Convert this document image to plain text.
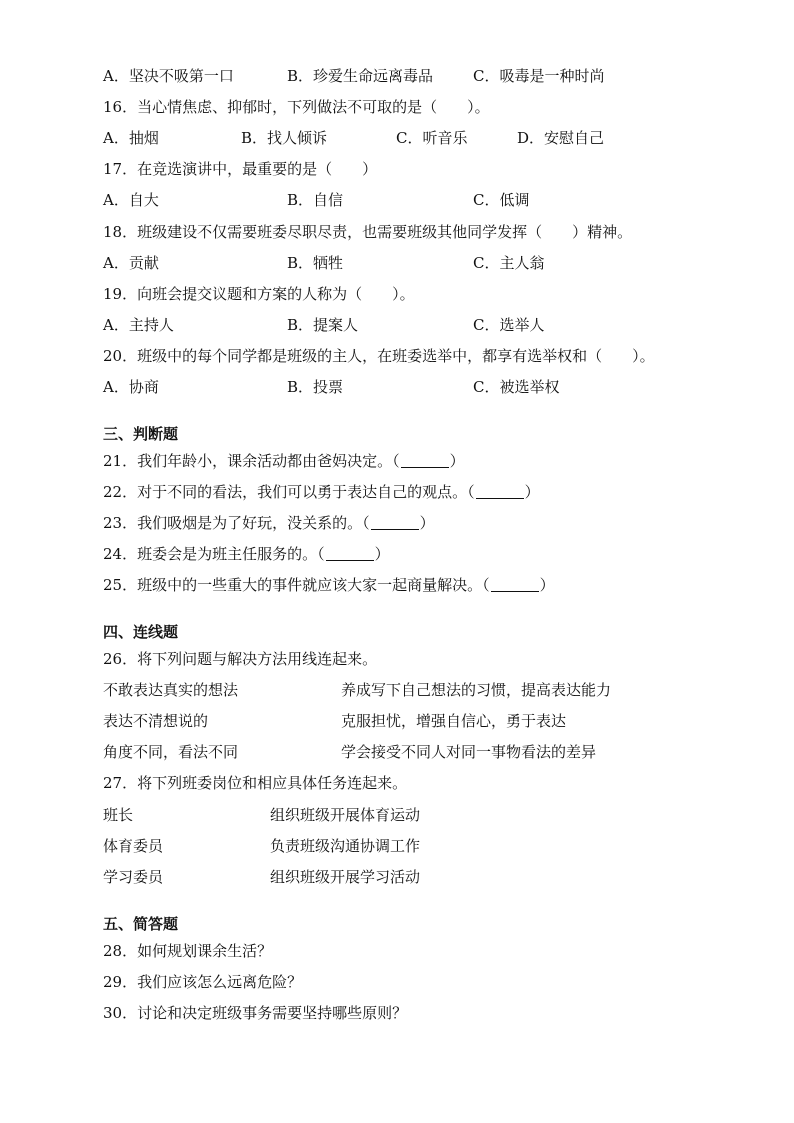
A．坚决不吸第一口	B．珍爱生命远离毒品	C．吸毒是一种时尚
16．当心情焦虑、抑郁时，下列做法不可取的是（　　）。
A．抽烟	B．找人倾诉	C．听音乐	D．安慰自己
17．在竞选演讲中，最重要的是（　　）
A．自大	B．自信	C．低调
18．班级建设不仅需要班委尽职尽责，也需要班级其他同学发挥（　　）精神。
A．贡献	B．牺牲	C．主人翁
19．向班会提交议题和方案的人称为（　　）。
A．主持人	B．提案人	C．选举人
20．班级中的每个同学都是班级的主人，在班委选举中，都享有选举权和（　　）。
A．协商	B．投票	C．被选举权
三、判断题
21．我们年龄小，课余活动都由爸妈决定。（	）
22．对于不同的看法，我们可以勇于表达自己的观点。（	）
23．我们吸烟是为了好玩，没关系的。（	）
24．班委会是为班主任服务的。（	）
25．班级中的一些重大的事件就应该大家一起商量解决。（	）
四、连线题
26．将下列问题与解决方法用线连起来。
不敢表达真实的想法	养成写下自己想法的习惯，提高表达能力
表达不清想说的	克服担忧，增强自信心，勇于表达
角度不同，看法不同	学会接受不同人对同一事物看法的差异
27．将下列班委岗位和相应具体任务连起来。
班长	组织班级开展体育运动
体育委员	负责班级沟通协调工作
学习委员	组织班级开展学习活动
五、简答题
28．如何规划课余生活？
29．我们应该怎么远离危险？
30．讨论和决定班级事务需要坚持哪些原则？
